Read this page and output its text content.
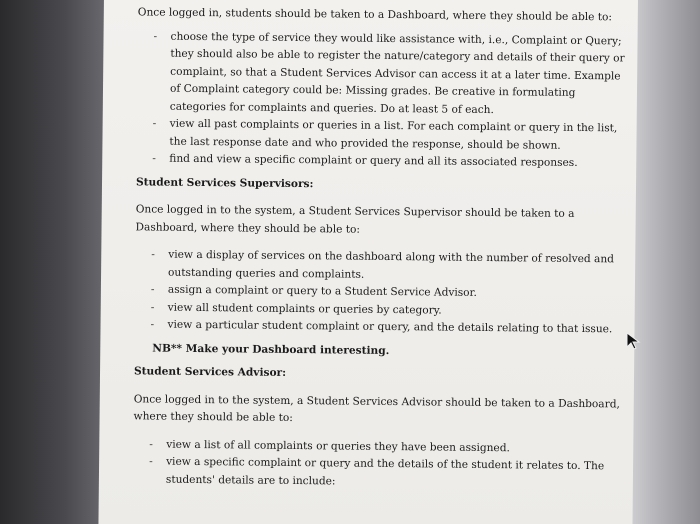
Once logged in, students should be taken to a Dashboard, where they should be able to:
- choose the type of service they would like assistance with, i.e., Complaint or Query;
they should also be able to register the nature/category and details of their query or
complaint, so that a Student Services Advisor can access it at a later time. Example
of Complaint category could be: Missing grades. Be creative in formulating
categories for complaints and queries. Do at least 5 of each.
- view all past complaints or queries in a list. For each complaint or query in the list,
the last response date and who provided the response, should be shown.
- find and view a specific complaint or query and all its associated responses.
Student Services Supervisors:
Once logged in to the system, a Student Services Supervisor should be taken to a
Dashboard, where they should be able to:
- view a display of services on the dashboard along with the number of resolved and
outstanding queries and complaints.
- assign a complaint or query to a Student Service Advisor.
- view all student complaints or queries by category.
- view a particular student complaint or query, and the details relating to that issue.
NB** Make your Dashboard interesting.
Student Services Advisor:
Once logged in to the system, a Student Services Advisor should be taken to a Dashboard,
where they should be able to:
- view a list of all complaints or queries they have been assigned.
- view a specific complaint or query and the details of the student it relates to. The
students' details are to include:
